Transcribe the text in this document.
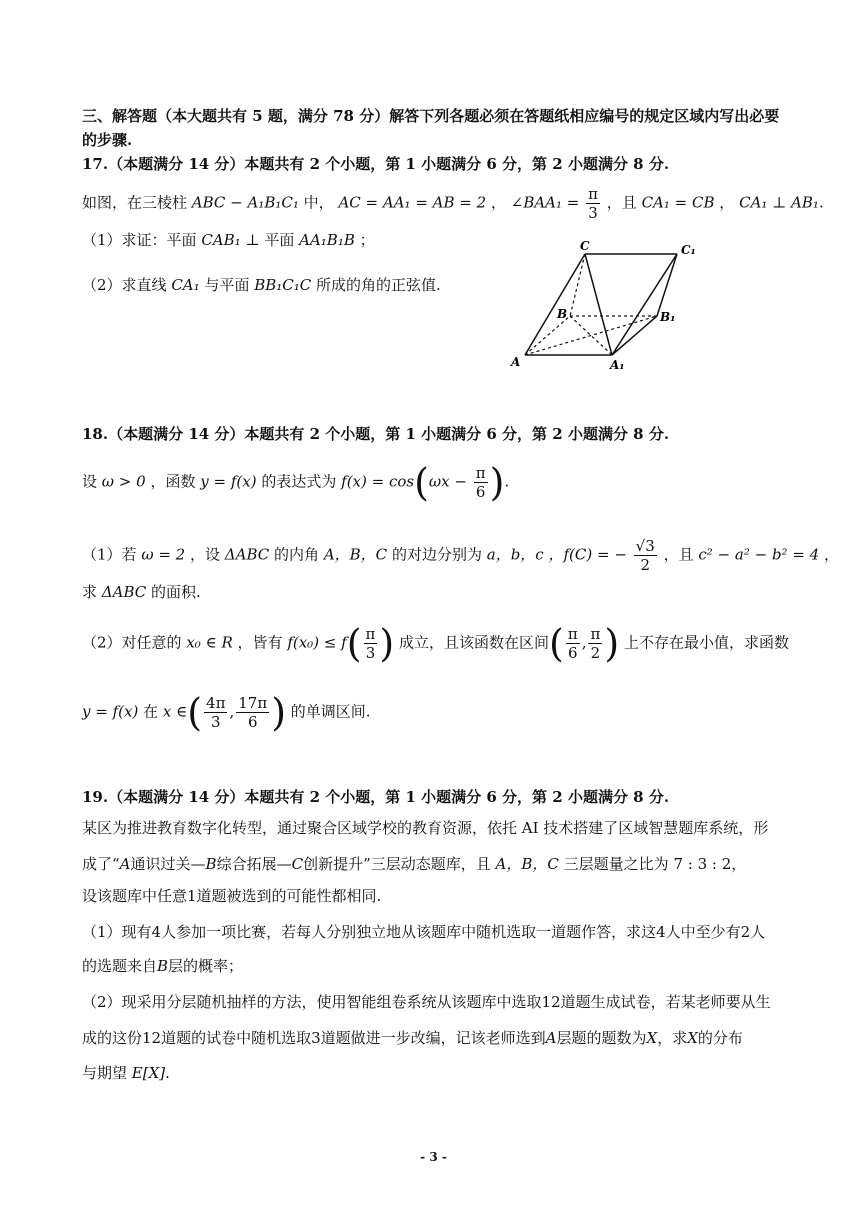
三、解答题（本大题共有 5 题，满分 78 分）解答下列各题必须在答题纸相应编号的规定区域内写出必要
的步骤.
17.（本题满分 14 分）本题共有 2 个小题，第 1 小题满分 6 分，第 2 小题满分 8 分.
如图，在三棱柱 ABC − A₁B₁C₁ 中， AC = AA₁ = AB = 2 ， ∠BAA₁ = $\frac{\pi}{3}$ ，且 CA₁ = CB ， CA₁ ⊥ AB₁.
（1）求证：平面 CAB₁ ⊥ 平面 AA₁B₁B ；
（2）求直线 CA₁ 与平面 BB₁C₁C 所成的角的正弦值.
C	C₁
B	B₁
A	A₁
18.（本题满分 14 分）本题共有 2 个小题，第 1 小题满分 6 分，第 2 小题满分 8 分.
设 ω > 0 ，函数 y = f(x) 的表达式为 $f(x) = \cos(\omega x - \frac{\pi}{6}$ ).
（1）若 ω = 2 ，设 ΔABC 的内角 A，B，C 的对边分别为 a，b，c ，f(C) = − $\frac{√3}{2}$ ，且 c² − a² − b² = 4 ，
求 ΔABC 的面积.
（2）对任意的 x₀ ∈ R ，皆有 $f(x_0) \le f( \frac{\pi}{3}$ ) 成立，且该函数在区间( $\frac{\pi}{6}$ , $\frac{\pi}{2}$ ) 上不存在最小值，求函数
y = f(x) 在 x ∈( $\frac{4\pi}{3}$ , $\frac{17\pi}{6}$ ) 的单调区间.
19.（本题满分 14 分）本题共有 2 个小题，第 1 小题满分 6 分，第 2 小题满分 8 分.
某区为推进教育数字化转型，通过聚合区域学校的教育资源，依托 AI 技术搭建了区域智慧题库系统，形
成了“A通识过关—B综合拓展—C创新提升”三层动态题库，且 A，B，C 三层题量之比为 7 : 3 : 2，
设该题库中任意1道题被选到的可能性都相同.
（1）现有4人参加一项比赛，若每人分别独立地从该题库中随机选取一道题作答，求这4人中至少有2人
的选题来自B层的概率；
（2）现采用分层随机抽样的方法，使用智能组卷系统从该题库中选取12道题生成试卷，若某老师要从生
成的这份12道题的试卷中随机选取3道题做进一步改编，记该老师选到A层题的题数为X，求X的分布
与期望 E[X].
- 3 -
